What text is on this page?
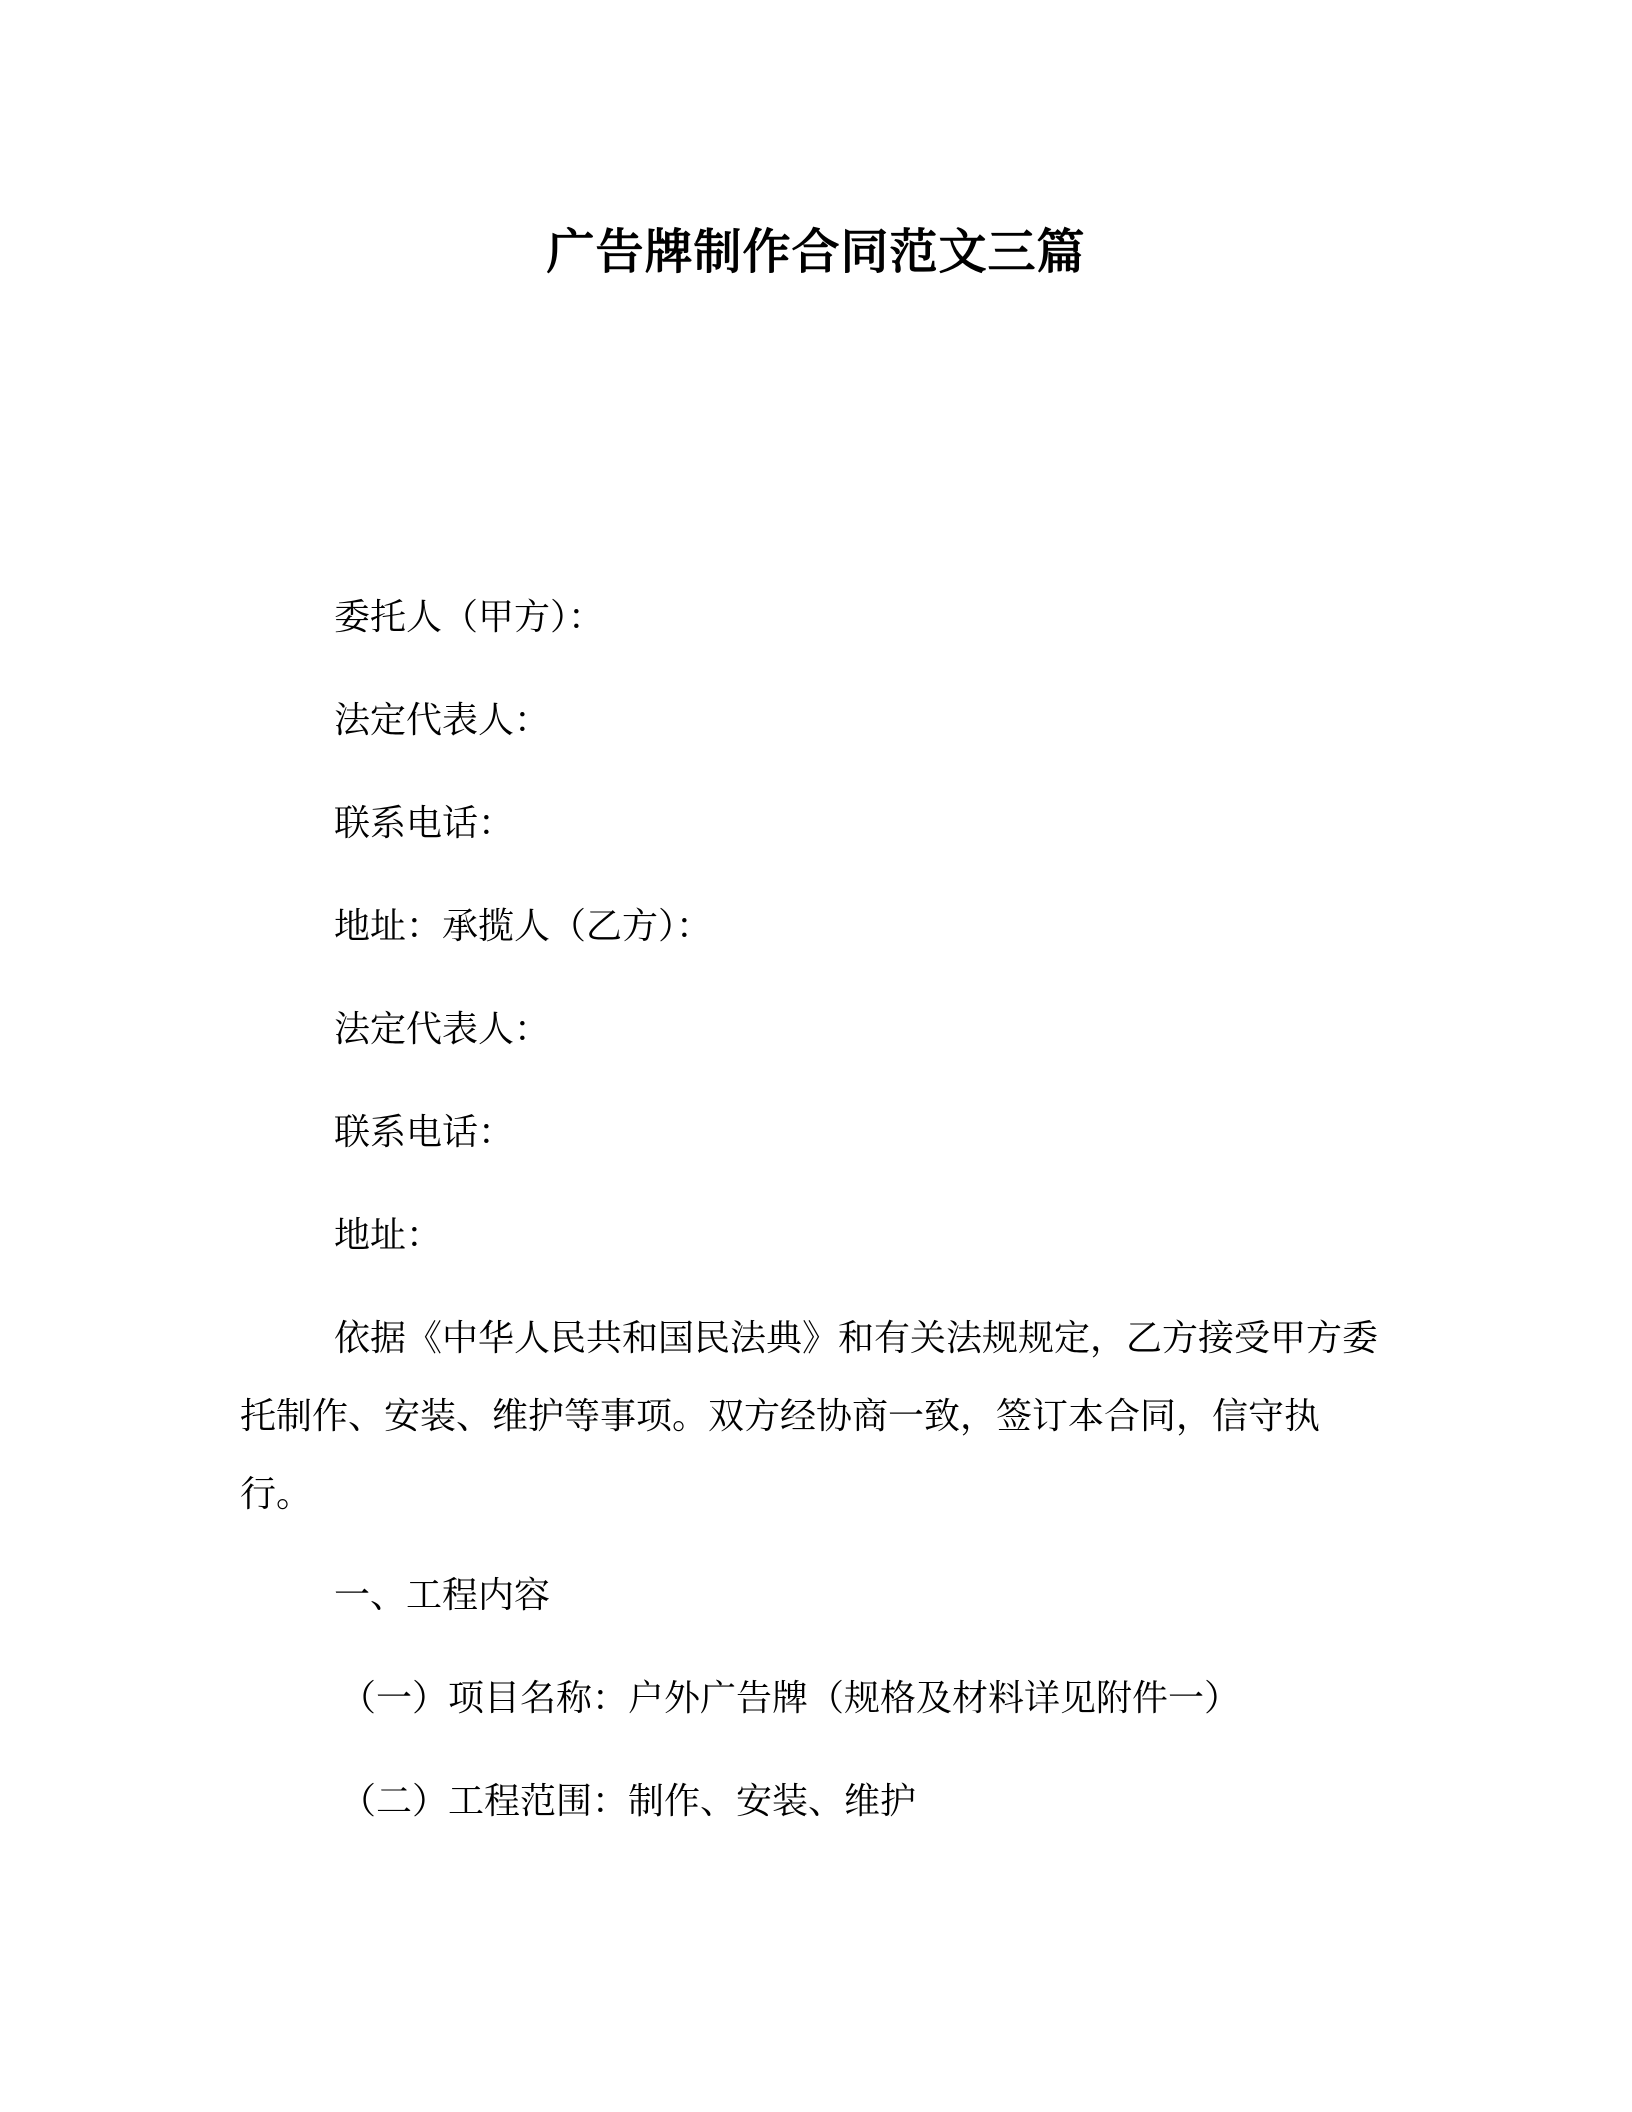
广告牌制作合同范文三篇
委托人（甲方）：
法定代表人：
联系电话：
地址：承揽人（乙方）：
法定代表人：
联系电话：
地址：
依据《中华人民共和国民法典》和有关法规规定，乙方接受甲方委托制作、安装、维护等事项。双方经协商一致，签订本合同，信守执行。
一、工程内容
（一）项目名称：户外广告牌（规格及材料详见附件一）
（二）工程范围：制作、安装、维护
